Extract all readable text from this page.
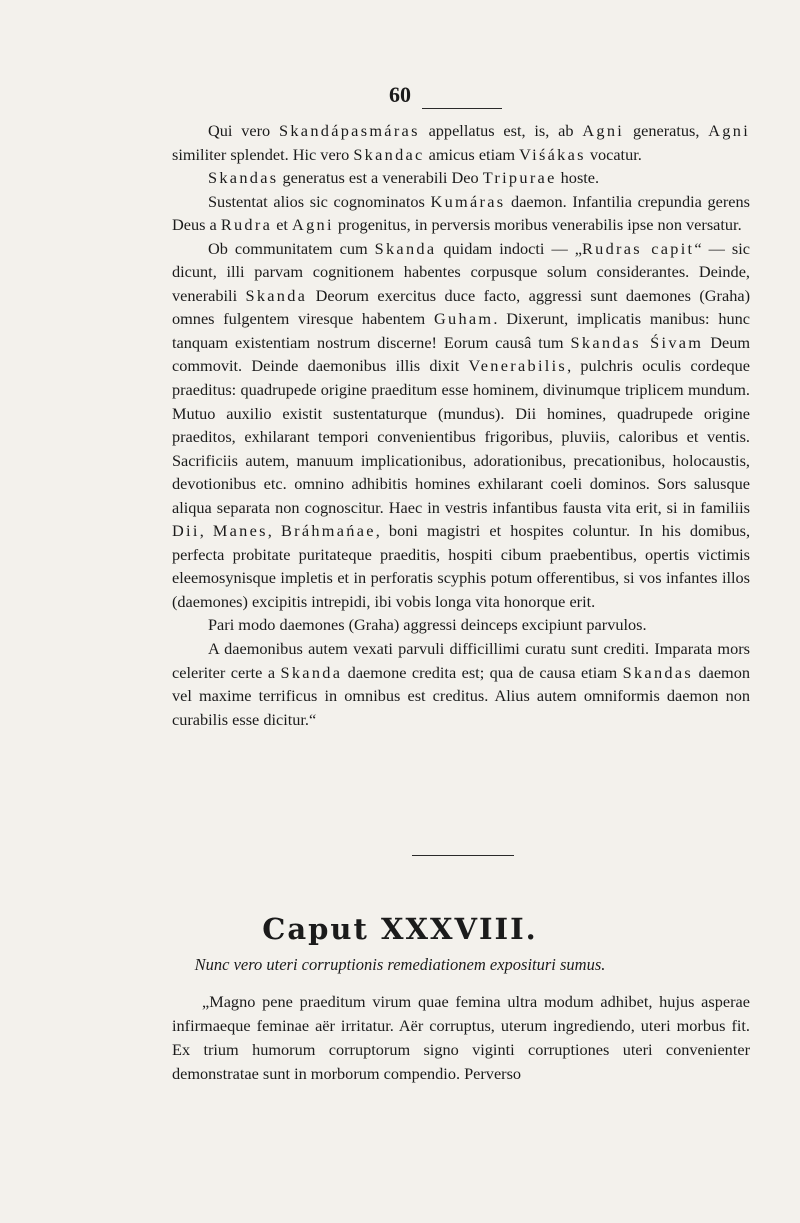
60

Qui vero Skandápasmáras appellatus est, is, ab Agni generatus, Agni similiter splendet. Hic vero Skandac amicus etiam Viśákas vocatur.

Skandas generatus est a venerabili Deo Tripurae hoste.

Sustentat alios sic cognominatos Kumáras daemon. Infantilia crepundia gerens Deus a Rudra et Agni progenitus, in perversis moribus venerabilis ipse non versatur.

Ob communitatem cum Skanda quidam indocti — „Rudras capit“ — sic dicunt, illi parvam cognitionem habentes corpusque solum considerantes. Deinde, venerabili Skanda Deorum exercitus duce facto, aggressi sunt daemones (Graha) omnes fulgentem viresque habentem Guham. Dixerunt, implicatis manibus: hunc tanquam existentiam nostrum discerne! Eorum causâ tum Skandas Śivam Deum commovit. Deinde daemonibus illis dixit Venerabilis, pulchris oculis cordeque praeditus: quadrupede origine praeditum esse hominem, divinumque triplicem mundum. Mutuo auxilio existit sustentaturque (mundus). Dii homines, quadrupede origine praeditos, exhilarant tempori convenientibus frigoribus, pluviis, caloribus et ventis. Sacrificiis autem, manuum implicationibus, adorationibus, precationibus, holocaustis, devotionibus etc. omnino adhibitis homines exhilarant coeli dominos. Sors salusque aliqua separata non cognoscitur. Haec in vestris infantibus fausta vita erit, si in familiis Dii, Manes, Bráhmańae, boni magistri et hospites coluntur. In his domibus, perfecta probitate puritateque praeditis, hospiti cibum praebentibus, opertis victimis eleemosynisque impletis et in perforatis scyphis potum offerentibus, si vos infantes illos (daemones) excipitis intrepidi, ibi vobis longa vita honorque erit.

Pari modo daemones (Graha) aggressi deinceps excipiunt parvulos.

A daemonibus autem vexati parvuli difficillimi curatu sunt crediti. Imparata mors celeriter certe a Skanda daemone credita est; qua de causa etiam Skandas daemon vel maxime terrificus in omnibus est creditus. Alius autem omniformis daemon non curabilis esse dicitur.“

Caput XXXVIII.
Nunc vero uteri corruptionis remediationem exposituri sumus.

„Magno pene praeditum virum quae femina ultra modum adhibet, hujus asperae infirmaeque feminae aër irritatur. Aër corruptus, uterum ingrediendo, uteri morbus fit. Ex trium humorum corruptorum signo viginti corruptiones uteri convenienter demonstratae sunt in morborum compendio. Perverso
